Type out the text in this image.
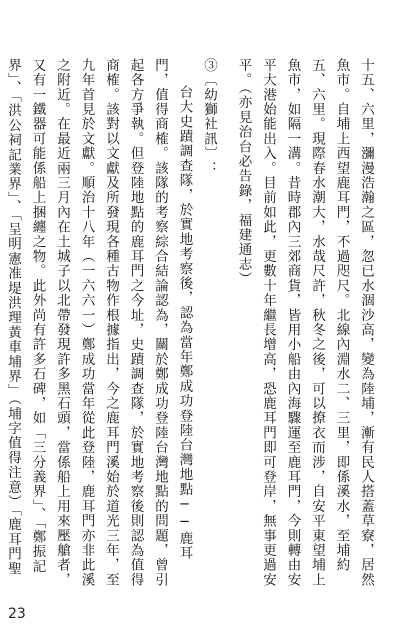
十五、六里，瀰漫浩瀚之區，忽已水涸沙高，變為陸埔，漸有民人搭蓋草寮，居然魚市。自埔上西望鹿耳門，不過咫尺。北線內淵水二、三里，即係溪水，至埔約五、六里。現際春水潮大，水哉尺許，秋冬之後，可以撩衣而涉，自安平東望埔上魚市，如隔一溝。昔時郡內三郊商貨，皆用小船由內海驟運至鹿耳門，今則轉由安平大港始能出入。目前如此，更數十年繼長增高，恐鹿耳門即可登岸，無事更過安平。（亦見治台必告錄，福建通志）

③〔幼獅社訊〕：

台大史蹟調查隊，於實地考察後，認為當年鄭成功登陸台灣地點──鹿耳門，值得商榷。該隊的考察綜合結論認為，關於鄭成功登陸台灣地點的問題，曾引起各方爭執。但登陸地點的鹿耳門之今址，史蹟調查隊，於實地考察後則認為值得商榷。該對以文獻及所發現各種古物作根據指出，今之鹿耳門溪始於道光三年，至九年首見於文獻。順治十八年（一六六一）鄭成功當年從此登陸，鹿耳門亦非此溪之附近。在最近兩三月內在土城子以北帶發現許多黑石頭，當係船上用來壓艙者，又有一鐵器可能係船上捆纏之物。此外尚有許多石碑，如「三分義界」、「鄭振記界」、「洪公祠記業界」、「呈明憲准堤洪理黃車埔界」（埔字值得注意）「鹿耳門聖

23
